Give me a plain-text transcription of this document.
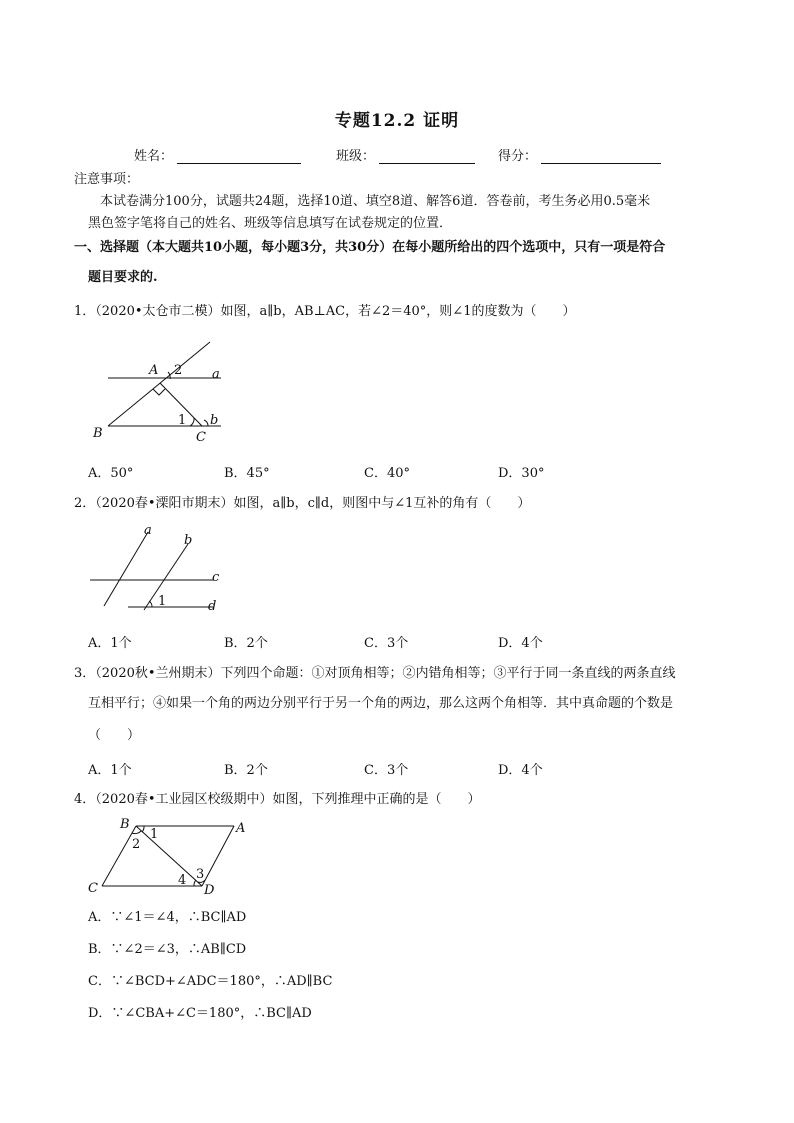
专题12.2 证明
姓名：	班级：	得分：
注意事项：
本试卷满分100分，试题共24题，选择10道、填空8道、解答6道．答卷前，考生务必用0.5毫米
黑色签字笔将自己的姓名、班级等信息填写在试卷规定的位置．
一、选择题（本大题共10小题，每小题3分，共30分）在每小题所给出的四个选项中，只有一项是符合
题目要求的.
1．（2020•太仓市二模）如图，a∥b，AB⊥AC，若∠2＝40°，则∠1的度数为（　　）
A 2 a
1 b
B	C
A．50°	B．45°	C．40°	D．30°
2．（2020春•溧阳市期末）如图，a∥b，c∥d，则图中与∠1互补的角有（　　）
a
b
c
1	d
A．1个	B．2个	C．3个	D．4个
3．（2020秋•兰州期末）下列四个命题：①对顶角相等；②内错角相等；③平行于同一条直线的两条直线
互相平行；④如果一个角的两边分别平行于另一个角的两边，那么这两个角相等．其中真命题的个数是
（　　）
A．1个	B．2个	C．3个	D．4个
4．（2020春•工业园区校级期中）如图，下列推理中正确的是（　　）
B
1
2
A
3
4
C	D
A．∵∠1＝∠4，∴BC∥AD
B．∵∠2＝∠3，∴AB∥CD
C．∵∠BCD+∠ADC＝180°，∴AD∥BC
D．∵∠CBA+∠C＝180°，∴BC∥AD
